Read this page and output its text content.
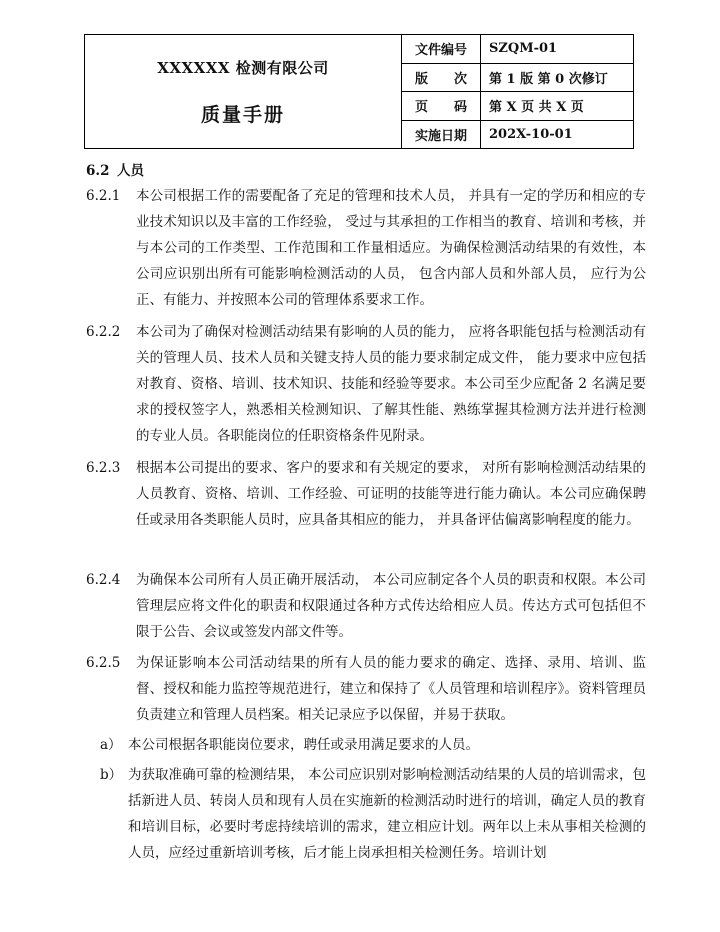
XXXXXX 检测有限公司
质量手册	文件编号	SZQM-01
	版　　次	第 1 版 第 0 次修订
	页　　码	第 X 页 共 X 页
	实施日期	202X-10-01
6.2 人员
6.2.1 本公司根据工作的需要配备了充足的管理和技术人员， 并具有一定的学历和相应的专业技术知识以及丰富的工作经验， 受过与其承担的工作相当的教育、培训和考核，并与本公司的工作类型、工作范围和工作量相适应。为确保检测活动结果的有效性，本公司应识别出所有可能影响检测活动的人员， 包含内部人员和外部人员， 应行为公正、有能力、并按照本公司的管理体系要求工作。
6.2.2 本公司为了确保对检测活动结果有影响的人员的能力， 应将各职能包括与检测活动有关的管理人员、技术人员和关键支持人员的能力要求制定成文件， 能力要求中应包括对教育、资格、培训、技术知识、技能和经验等要求。本公司至少应配备 2 名满足要求的授权签字人，熟悉相关检测知识、了解其性能、熟练掌握其检测方法并进行检测的专业人员。各职能岗位的任职资格条件见附录。
6.2.3 根据本公司提出的要求、客户的要求和有关规定的要求， 对所有影响检测活动结果的人员教育、资格、培训、工作经验、可证明的技能等进行能力确认。本公司应确保聘任或录用各类职能人员时，应具备其相应的能力， 并具备评估偏离影响程度的能力。
6.2.4 为确保本公司所有人员正确开展活动， 本公司应制定各个人员的职责和权限。本公司管理层应将文件化的职责和权限通过各种方式传达给相应人员。传达方式可包括但不限于公告、会议或签发内部文件等。
6.2.5 为保证影响本公司活动结果的所有人员的能力要求的确定、选择、录用、培训、监督、授权和能力监控等规范进行，建立和保持了《人员管理和培训程序》。资料管理员负责建立和管理人员档案。相关记录应予以保留，并易于获取。
a） 本公司根据各职能岗位要求，聘任或录用满足要求的人员。
b） 为获取准确可靠的检测结果， 本公司应识别对影响检测活动结果的人员的培训需求，包括新进人员、转岗人员和现有人员在实施新的检测活动时进行的培训，确定人员的教育和培训目标，必要时考虑持续培训的需求，建立相应计划。两年以上未从事相关检测的人员，应经过重新培训考核，后才能上岗承担相关检测任务。培训计划
